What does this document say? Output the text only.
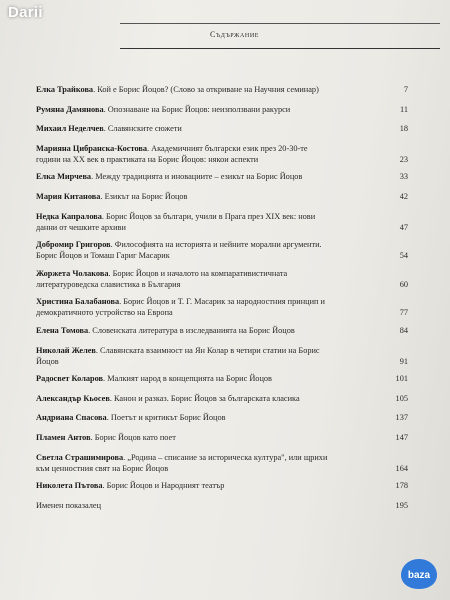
Darii
Съдържание
Елка Трайкова. Кой е Борис Йоцов? (Слово за откриване на Научния семинар)	7
Румяна Дамянова. Опознаване на Борис Йоцов: неизползвани ракурси	11
Михаил Неделчев. Славянските сюжети	18
Марияна Цибранска-Костова. Академичният български език през 20-30-те
години на XX век в практиката на Борис Йоцов: някои аспекти	23
Елка Мирчева. Между традицията и иновациите – езикът на Борис Йоцов	33
Мария Китанова. Езикът на Борис Йоцов	42
Недка Капралова. Борис Йоцов за българи, учили в Прага през XIX век: нови
данни от чешките архиви	47
Добромир Григоров. Философията на историята и нейните морални аргументи.
Борис Йоцов и Томаш Гариг Масарик	54
Жоржета Чолакова. Борис Йоцов и началото на компаративистичната
литературоведска славистика в България	60
Христина Балабанова. Борис Йоцов и Т. Г. Масарик за народностния принцип и
демократичното устройство на Европа	77
Елена Томова. Словенската литература в изследванията на Борис Йоцов	84
Николай Желев. Славянската взаимност на Ян Колар в четири статии на Борис
Йоцов	91
Радосвет Коларов. Малкият народ в концепцията на Борис Йоцов	101
Александър Кьосев. Канон и разказ. Борис Йоцов за българската класика	105
Андриана Спасова. Поетът и критикът Борис Йоцов	137
Пламен Антов. Борис Йоцов като поет	147
Светла Страшимирова. „Родина – списание за историческа култура", или щрихи
към ценностния свят на Борис Йоцов	164
Николета Пътова. Борис Йоцов и Народният театър	178
Именен показалец	195
baza
